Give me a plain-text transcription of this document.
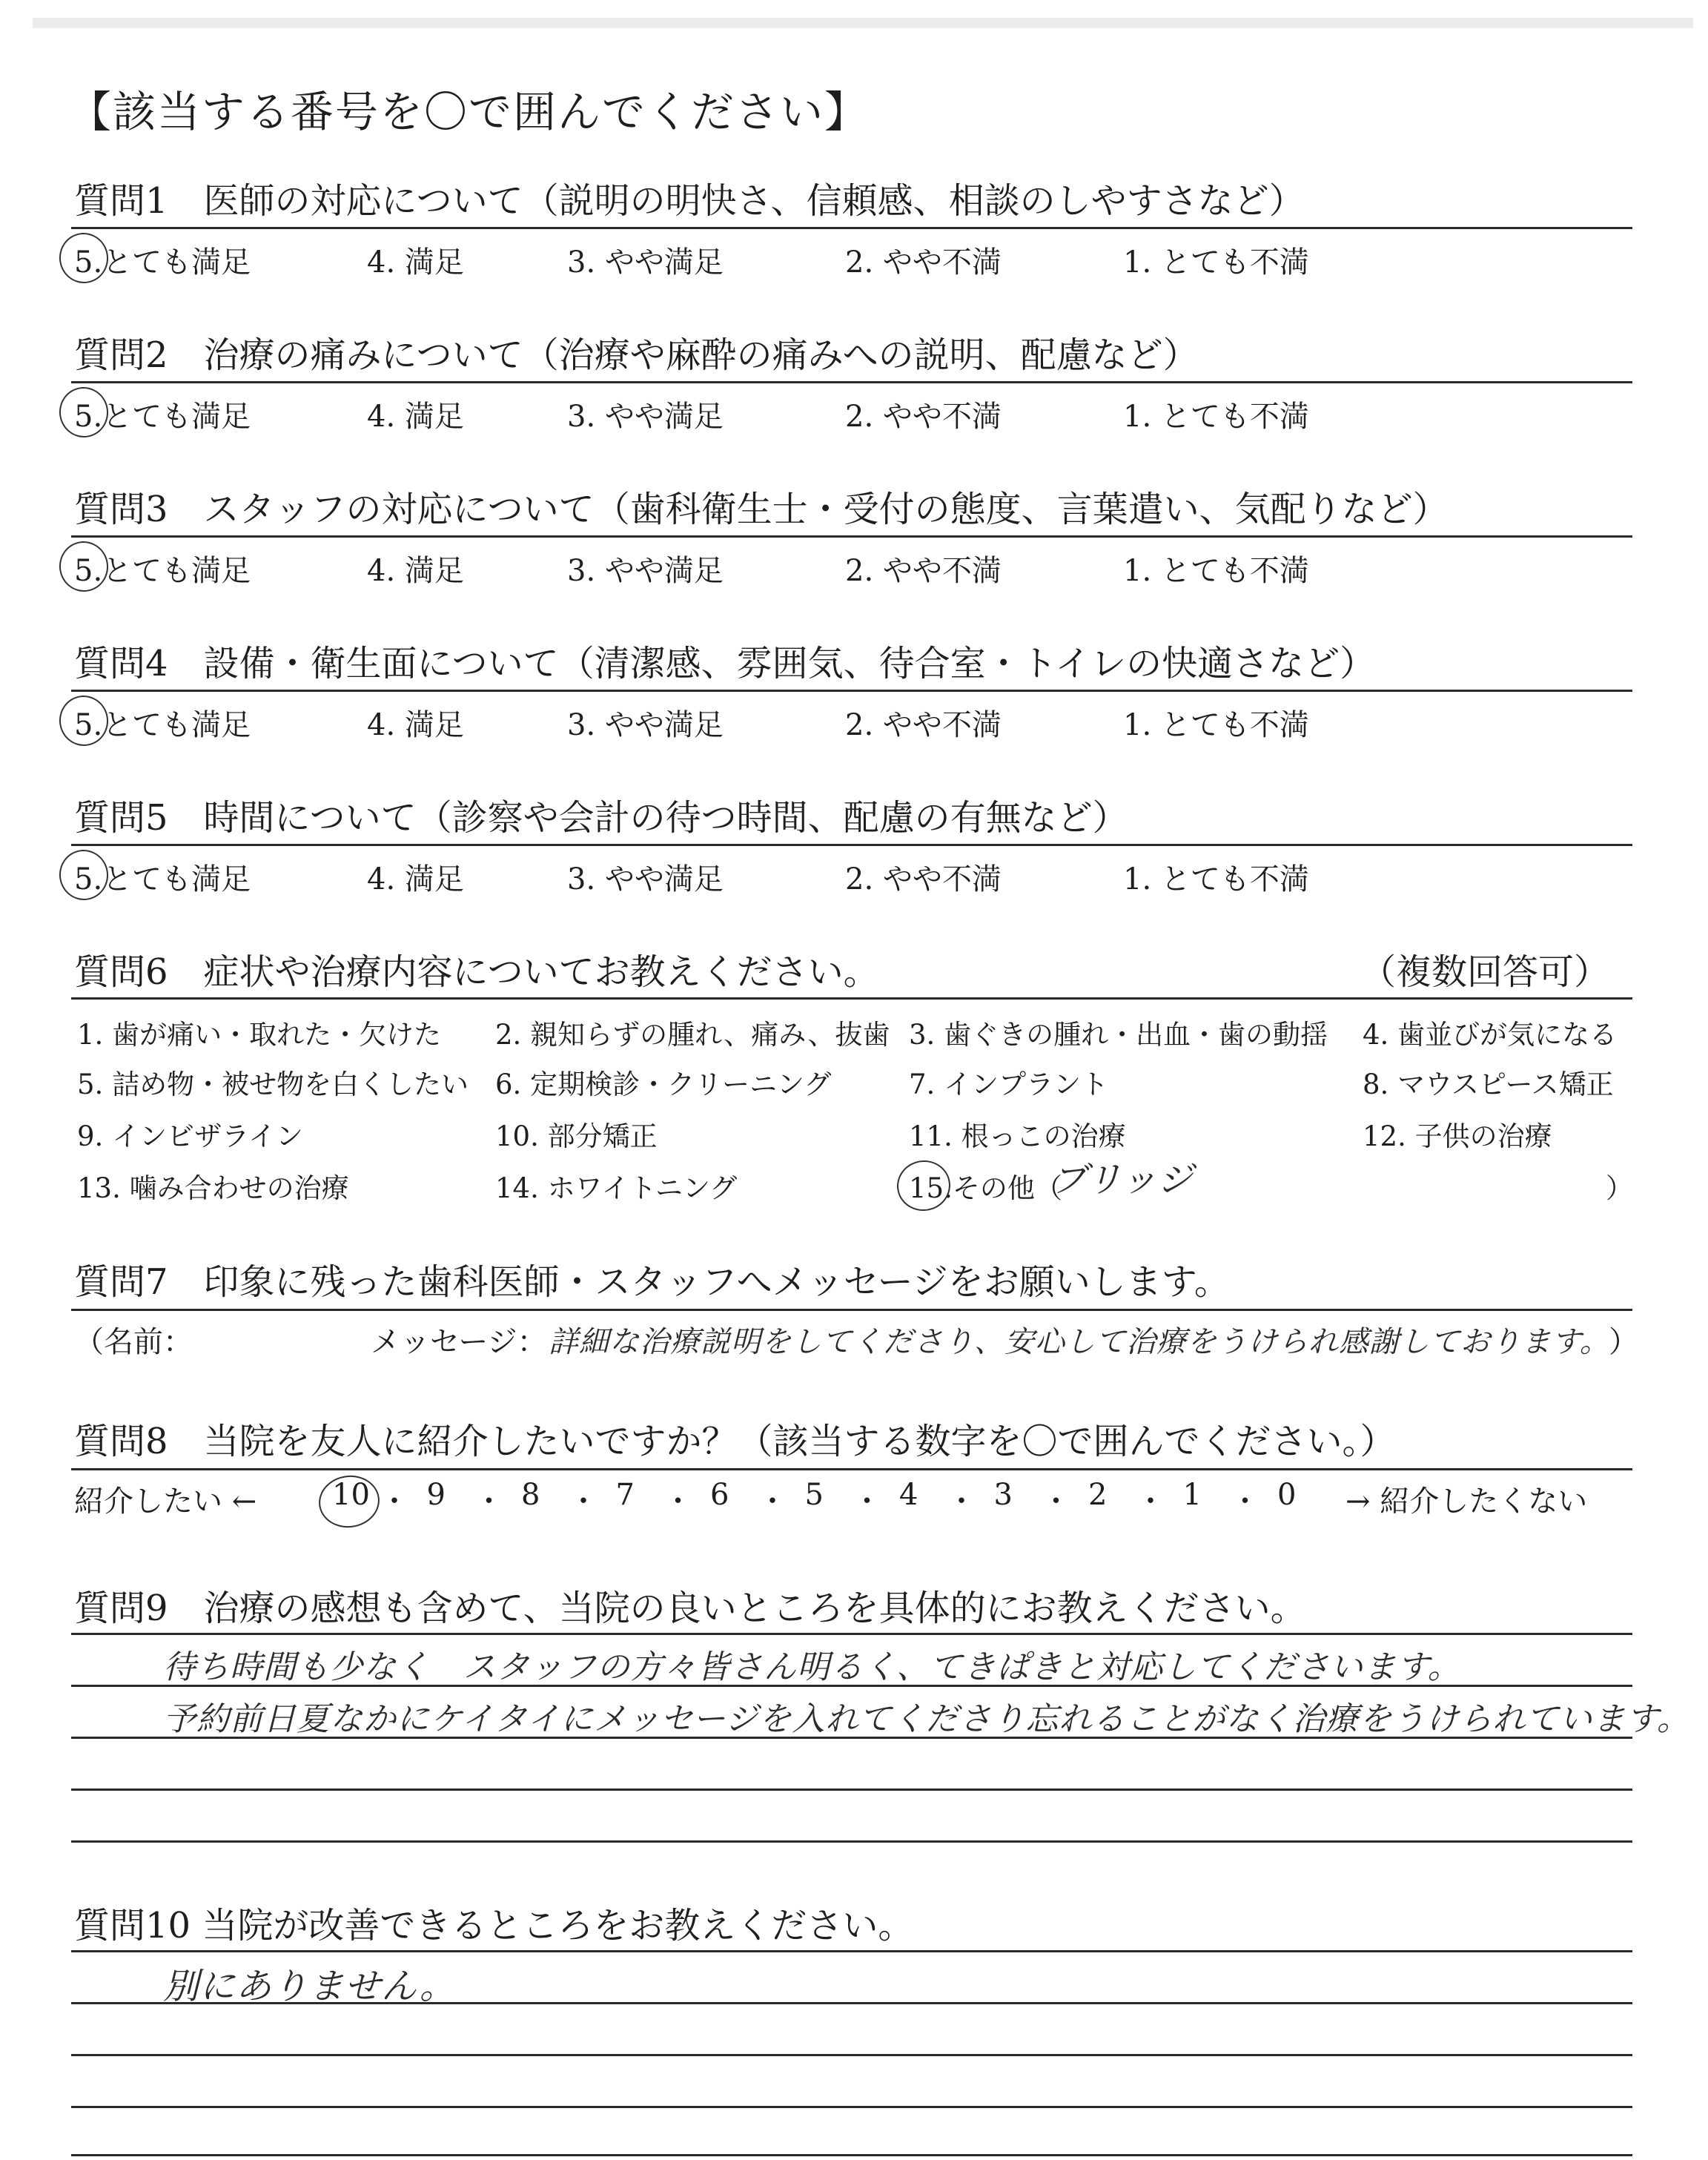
【該当する番号を〇で囲んでください】
質問1　医師の対応について（説明の明快さ、信頼感、相談のしやすさなど）
5.とても満足	4. 満足	3. やや満足	2. やや不満	1. とても不満
質問2　治療の痛みについて（治療や麻酔の痛みへの説明、配慮など）
5.とても満足	4. 満足	3. やや満足	2. やや不満	1. とても不満
質問3　スタッフの対応について（歯科衛生士・受付の態度、言葉遣い、気配りなど）
5.とても満足	4. 満足	3. やや満足	2. やや不満	1. とても不満
質問4　設備・衛生面について（清潔感、雰囲気、待合室・トイレの快適さなど）
5.とても満足	4. 満足	3. やや満足	2. やや不満	1. とても不満
質問5　時間について（診察や会計の待つ時間、配慮の有無など）
5.とても満足	4. 満足	3. やや満足	2. やや不満	1. とても不満
質問6　症状や治療内容についてお教えください。	（複数回答可）
1. 歯が痛い・取れた・欠けた 2. 親知らずの腫れ、痛み、抜歯 3. 歯ぐきの腫れ・出血・歯の動揺 4. 歯並びが気になる
5. 詰め物・被せ物を白くしたい 6. 定期検診・クリーニング	7. インプラント	8. マウスピース矯正
9. インビザライン	10. 部分矯正	11. 根っこの治療	12. 子供の治療
13. 噛み合わせの治療	14. ホワイトニング	15.その他（	）
ブリッジ
質問7　印象に残った歯科医師・スタッフへメッセージをお願いします。
（名前：	メッセージ： 詳細な治療説明をしてくださり、安心して治療をうけられ感謝しております。
）
質問8　当院を友人に紹介したいですか？（該当する数字を〇で囲んでください。）
紹介したい ←	→ 紹介したくない
10 ・ 9 ・ 8 ・ 7 ・ 6 ・ 5 ・ 4 ・ 3 ・ 2 ・ 1 ・ 0
質問9　治療の感想も含めて、当院の良いところを具体的にお教えください。
待ち時間も少なく　スタッフの方々皆さん明るく、てきぱきと対応してくださいます。
予約前日夏なかにケイタイにメッセージを入れてくださり忘れることがなく治療をうけられています。
質問10 当院が改善できるところをお教えください。
別にありません。
